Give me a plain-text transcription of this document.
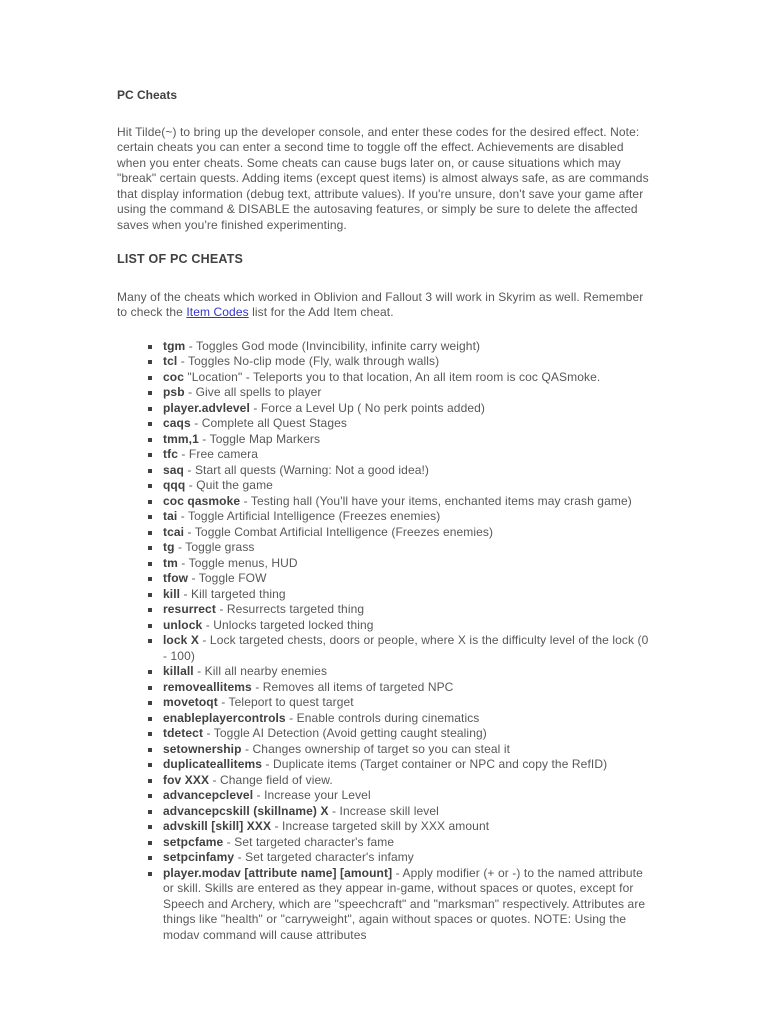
PC Cheats

Hit Tilde(~) to bring up the developer console, and enter these codes for the desired effect. Note: certain cheats you can enter a second time to toggle off the effect. Achievements are disabled when you enter cheats. Some cheats can cause bugs later on, or cause situations which may "break" certain quests. Adding items (except quest items) is almost always safe, as are commands that display information (debug text, attribute values). If you're unsure, don't save your game after using the command & DISABLE the autosaving features, or simply be sure to delete the affected saves when you're finished experimenting.

LIST OF PC CHEATS

Many of the cheats which worked in Oblivion and Fallout 3 will work in Skyrim as well. Remember to check the Item Codes list for the Add Item cheat.

tgm - Toggles God mode (Invincibility, infinite carry weight)
tcl - Toggles No-clip mode (Fly, walk through walls)
coc "Location" - Teleports you to that location, An all item room is coc QASmoke.
psb - Give all spells to player
player.advlevel - Force a Level Up ( No perk points added)
caqs - Complete all Quest Stages
tmm,1 - Toggle Map Markers
tfc - Free camera
saq - Start all quests (Warning: Not a good idea!)
qqq - Quit the game
coc qasmoke - Testing hall (You'll have your items, enchanted items may crash game)
tai - Toggle Artificial Intelligence (Freezes enemies)
tcai - Toggle Combat Artificial Intelligence (Freezes enemies)
tg - Toggle grass
tm - Toggle menus, HUD
tfow - Toggle FOW
kill - Kill targeted thing
resurrect - Resurrects targeted thing
unlock - Unlocks targeted locked thing
lock X - Lock targeted chests, doors or people, where X is the difficulty level of the lock (0 - 100)
killall - Kill all nearby enemies
removeallitems - Removes all items of targeted NPC
movetoqt - Teleport to quest target
enableplayercontrols - Enable controls during cinematics
tdetect - Toggle AI Detection (Avoid getting caught stealing)
setownership - Changes ownership of target so you can steal it
duplicateallitems - Duplicate items (Target container or NPC and copy the RefID)
fov XXX - Change field of view.
advancepclevel - Increase your Level
advancepcskill (skillname) X - Increase skill level
advskill [skill] XXX - Increase targeted skill by XXX amount
setpcfame - Set targeted character's fame
setpcinfamy - Set targeted character's infamy
player.modav [attribute name] [amount] - Apply modifier (+ or -) to the named attribute or skill. Skills are entered as they appear in-game, without spaces or quotes, except for Speech and Archery, which are "speechcraft" and "marksman" respectively. Attributes are things like "health" or "carryweight", again without spaces or quotes. NOTE: Using the modav command will cause attributes
